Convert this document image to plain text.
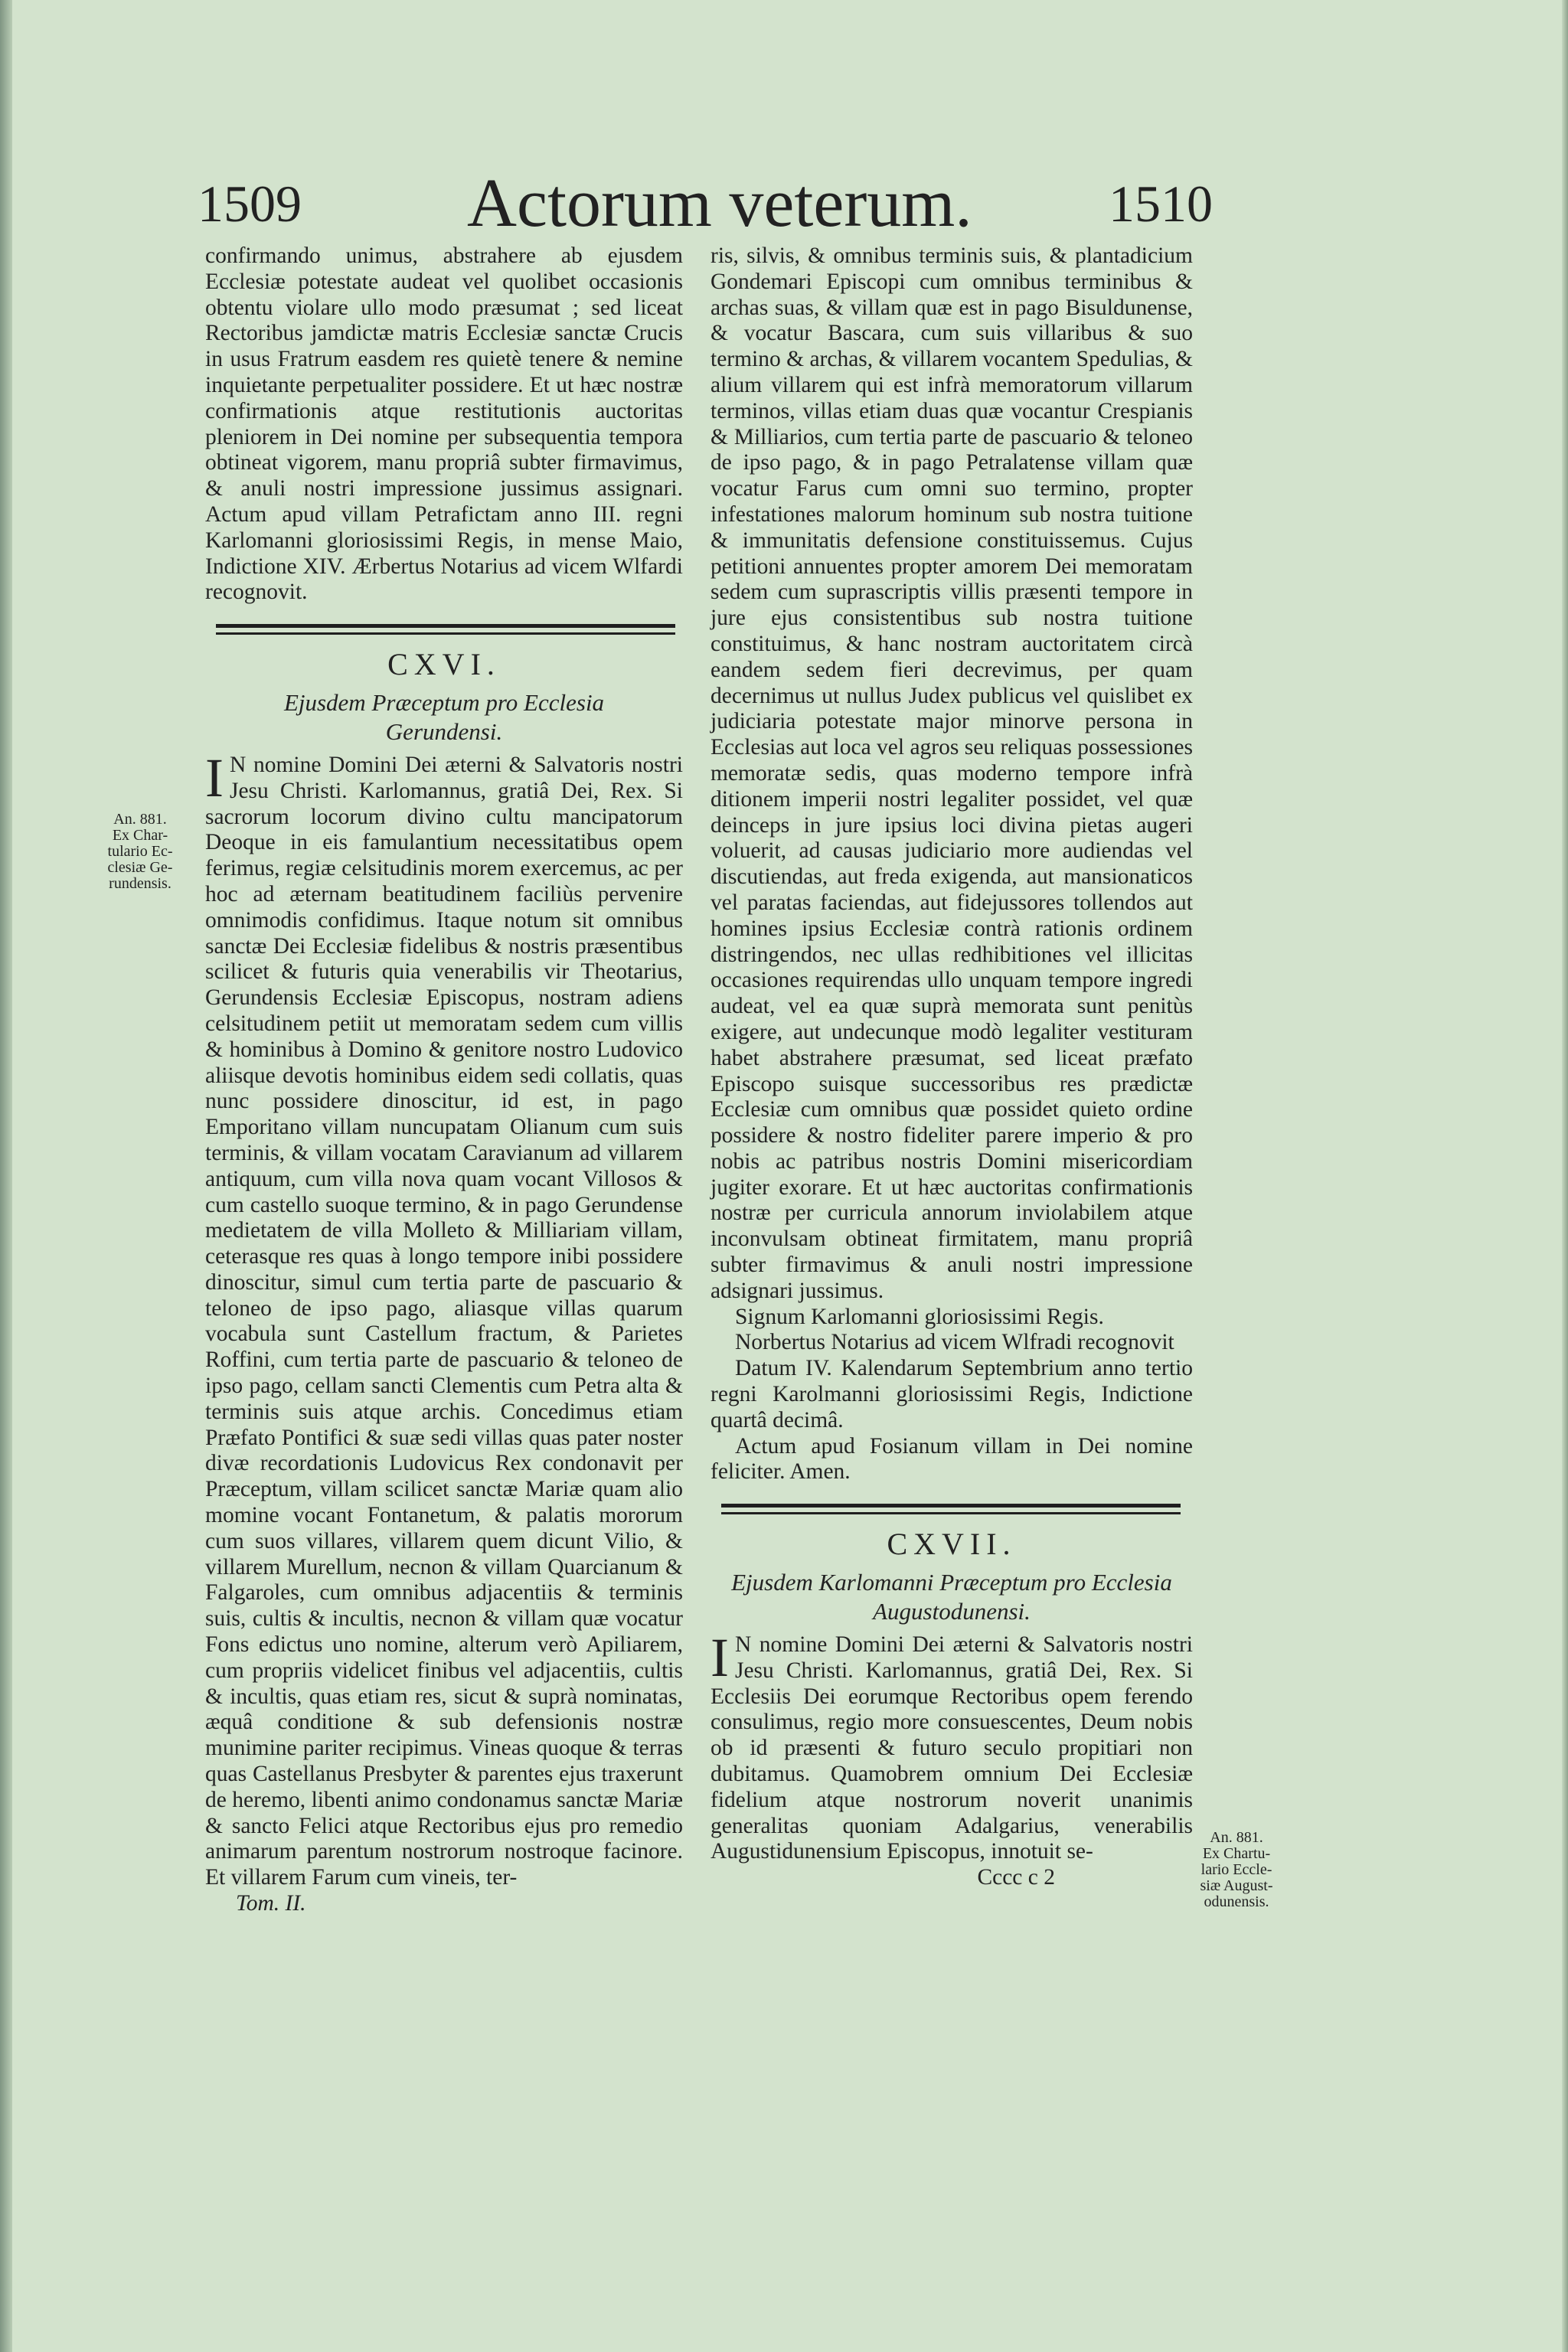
1509 Actorum veterum.	1510
An. 881.
Ex Char-
tulario Ec-
clesiæ Ge-rundensis.

confirmando unimus, abstrahere ab ejusdem Ecclesiæ potestate audeat vel quolibet occasionis obtentu violare ullo modo præsumat ; sed liceat Rectoribus jamdictæ matris Ecclesiæ sanctæ Crucis in usus Fratrum easdem res quietè tenere & nemine inquietante perpetualiter possidere. Et ut hæc nostræ confirmationis atque restitutionis auctoritas pleniorem in Dei nomine per subsequentia tempora obtineat vigorem, manu propriâ subter firmavimus, & anuli nostri impressione jussimus assignari. Actum apud villam Petrafictam anno III. regni Karlomanni gloriosissimi Regis, in mense Maio, Indictione XIV. Ærbertus Notarius ad vicem Wlfardi recognovit.

CXVI.
Ejusdem Præceptum pro Ecclesia
Gerundensi.

I N nomine Domini Dei æterni & Salvatoris nostri Jesu Christi. Karlomannus, gratiâ Dei, Rex. Si sacrorum locorum divino cultu mancipatorum Deoque in eis famulantium necessitatibus opem ferimus, regiæ celsitudinis morem exercemus, ac per hoc ad æternam beatitudinem faciliùs pervenire omnimodis confidimus. Itaque notum sit omnibus sanctæ Dei Ecclesiæ fidelibus & nostris præsentibus scilicet & futuris quia venerabilis vir Theotarius, Gerundensis Ecclesiæ Episcopus, nostram adiens celsitudinem petiit ut memoratam sedem cum villis & hominibus à Domino & genitore nostro Ludovico aliisque devotis hominibus eidem sedi collatis, quas nunc possidere dinoscitur, id est, in pago Emporitano villam nuncupatam Olianum cum suis terminis, & villam vocatam Caravianum ad villarem antiquum, cum villa nova quam vocant Villosos & cum castello suoque termino, & in pago Gerundense medietatem de villa Molleto & Milliariam villam, ceterasque res quas à longo tempore inibi possidere dinoscitur, simul cum tertia parte de pascuario & teloneo de ipso pago, aliasque villas quarum vocabula sunt Castellum fractum, & Parietes Roffini, cum tertia parte de pascuario & teloneo de ipso pago, cellam sancti Clementis cum Petra alta & terminis suis atque archis. Concedimus etiam Præfato Pontifici & suæ sedi villas quas pater noster divæ recordationis Ludovicus Rex condonavit per Præceptum, villam scilicet sanctæ Mariæ quam alio momine vocant Fontanetum, & palatis mororum cum suos villares, villarem quem dicunt Vilio, & villarem Murellum, necnon & villam Quarcianum & Falgaroles, cum omnibus adjacentiis & terminis suis, cultis & incultis, necnon & villam quæ vocatur Fons edictus uno nomine, alterum verò Apiliarem, cum propriis videlicet finibus vel adjacentiis, cultis & incultis, quas etiam res, sicut & suprà nominatas, æquâ conditione & sub defensionis nostræ munimine pariter recipimus. Vineas quoque & terras quas Castellanus Presbyter & parentes ejus traxerunt de heremo, libenti animo condonamus sanctæ Mariæ & sancto Felici atque Rectoribus ejus pro remedio animarum parentum nostrorum nostroque facinore. Et villarem Farum cum vineis, ter-

Tom. II.

ris, silvis, & omnibus terminis suis, & plantadicium Gondemari Episcopi cum omnibus terminibus & archas suas, & villam quæ est in pago Bisuldunense, & vocatur Bascara, cum suis villaribus & suo termino & archas, & villarem vocantem Spedulias, & alium villarem qui est infrà memoratorum villarum terminos, villas etiam duas quæ vocantur Crespianis & Milliarios, cum tertia parte de pascuario & teloneo de ipso pago, & in pago Petralatense villam quæ vocatur Farus cum omni suo termino, propter infestationes malorum hominum sub nostra tuitione & immunitatis defensione constituissemus. Cujus petitioni annuentes propter amorem Dei memoratam sedem cum suprascriptis villis præsenti tempore in jure ejus consistentibus sub nostra tuitione constituimus, & hanc nostram auctoritatem circà eandem sedem fieri decrevimus, per quam decernimus ut nullus Judex publicus vel quislibet ex judiciaria potestate major minorve persona in Ecclesias aut loca vel agros seu reliquas possessiones memoratæ sedis, quas moderno tempore infrà ditionem imperii nostri legaliter possidet, vel quæ deinceps in jure ipsius loci divina pietas augeri voluerit, ad causas judiciario more audiendas vel discutiendas, aut freda exigenda, aut mansionaticos vel paratas faciendas, aut fidejussores tollendos aut homines ipsius Ecclesiæ contrà rationis ordinem distringendos, nec ullas redhibitiones vel illicitas occasiones requirendas ullo unquam tempore ingredi audeat, vel ea quæ suprà memorata sunt penitùs exigere, aut undecunque modò legaliter vestituram habet abstrahere præsumat, sed liceat præfato Episcopo suisque successoribus res prædictæ Ecclesiæ cum omnibus quæ possidet quieto ordine possidere & nostro fideliter parere imperio & pro nobis ac patribus nostris Domini misericordiam jugiter exorare. Et ut hæc auctoritas confirmationis nostræ per curricula annorum inviolabilem atque inconvulsam obtineat firmitatem, manu propriâ subter firmavimus & anuli nostri impressione adsignari jussimus.

Signum Karlomanni gloriosissimi Regis.

Norbertus Notarius ad vicem Wlfradi recognovit

Datum IV. Kalendarum Septembrium anno tertio regni Karolmanni gloriosissimi Regis, Indictione quartâ decimâ.

Actum apud Fosianum villam in Dei nomine feliciter. Amen.

CXVII.
Ejusdem Karlomanni Præceptum pro Ecclesia
Augustodunensi.

I N nomine Domini Dei æterni & Salvatoris nostri Jesu Christi. Karlomannus, gratiâ Dei, Rex. Si Ecclesiis Dei eorumque Rectoribus opem ferendo consulimus, regio more consuescentes, Deum nobis ob id præsenti & futuro seculo propitiari non dubitamus. Quamobrem omnium Dei Ecclesiæ fidelium atque nostrorum noverit unanimis generalitas quoniam Adalgarius, venerabilis Augustidunensium Episcopus, innotuit se-

Cccc c 2
An. 881.
Ex Chartu-
lario Eccle-
siæ August-
odunensis.
